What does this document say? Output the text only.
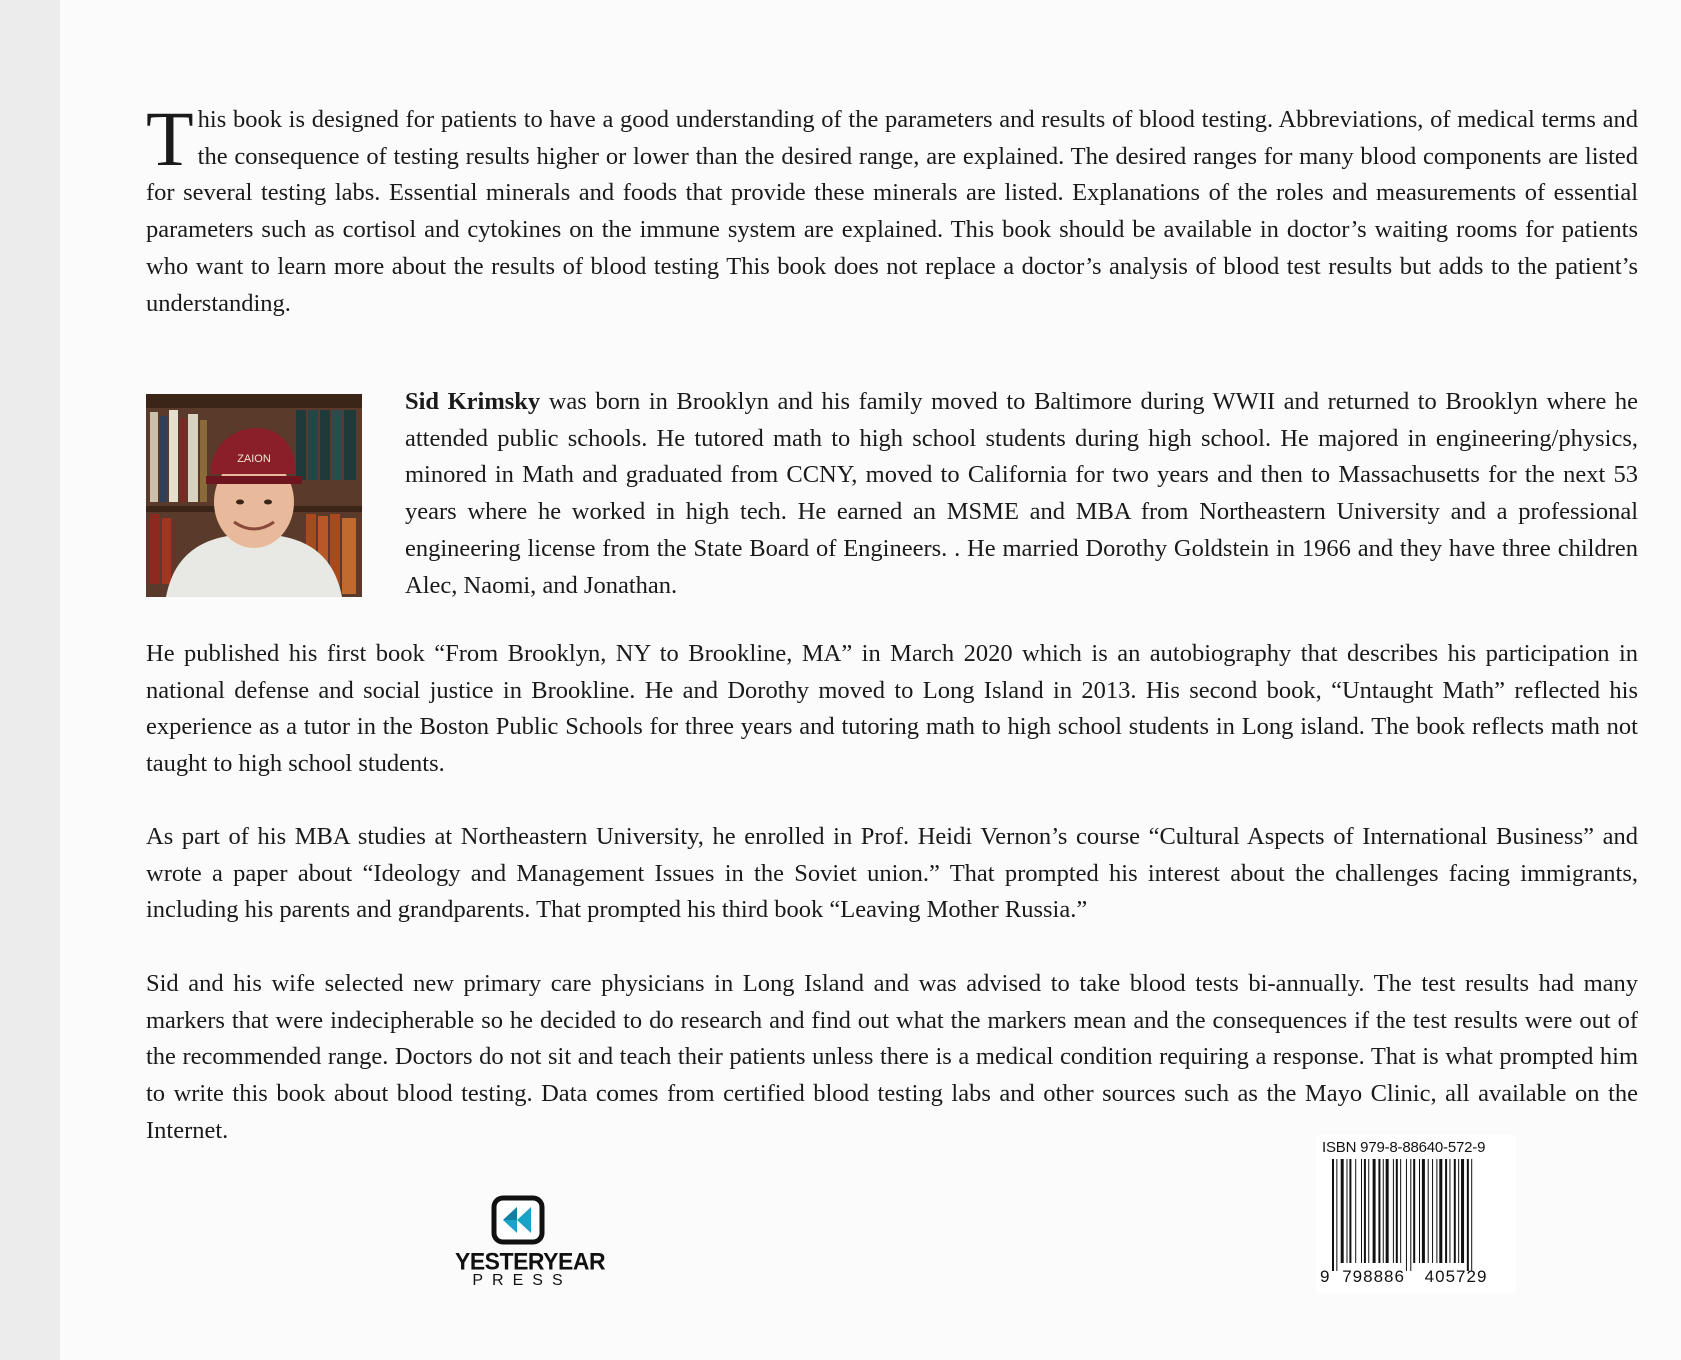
This book is designed for patients to have a good understanding of the parameters and results of blood testing. Abbreviations, of medical terms and the consequence of testing results higher or lower than the desired range, are explained. The desired ranges for many blood components are listed for several testing labs. Essential minerals and foods that provide these minerals are listed. Explanations of the roles and measurements of essential parameters such as cortisol and cytokines on the immune system are explained. This book should be available in doctor’s waiting rooms for patients who want to learn more about the results of blood testing This book does not replace a doctor’s analysis of blood test results but adds to the patient’s understanding.

ZAION

Sid Krimsky was born in Brooklyn and his family moved to Baltimore during WWII and returned to Brooklyn where he attended public schools. He tutored math to high school students during high school. He majored in engineering/physics, minored in Math and graduated from CCNY, moved to California for two years and then to Massachusetts for the next 53 years where he worked in high tech. He earned an MSME and MBA from Northeastern University and a professional engineering license from the State Board of Engineers. . He married Dorothy Goldstein in 1966 and they have three children Alec, Naomi, and Jonathan.

He published his first book “From Brooklyn, NY to Brookline, MA” in March 2020 which is an autobiography that describes his participation in national defense and social justice in Brookline. He and Dorothy moved to Long Island in 2013. His second book, “Untaught Math” reflected his experience as a tutor in the Boston Public Schools for three years and tutoring math to high school students in Long island. The book reflects math not taught to high school students.

As part of his MBA studies at Northeastern University, he enrolled in Prof. Heidi Vernon’s course “Cultural Aspects of International Business” and wrote a paper about “Ideology and Management Issues in the Soviet union.” That prompted his interest about the challenges facing immigrants, including his parents and grandparents. That prompted his third book “Leaving Mother Russia.”

Sid and his wife selected new primary care physicians in Long Island and was advised to take blood tests bi-annually. The test results had many markers that were indecipherable so he decided to do research and find out what the markers mean and the consequences if the test results were out of the recommended range. Doctors do not sit and teach their patients unless there is a medical condition requiring a response. That is what prompted him to write this book about blood testing. Data comes from certified blood testing labs and other sources such as the Mayo Clinic, all available on the Internet.

YESTERYEAR
PRESS
ISBN 979-8-88640-572-9
9 798886 405729
